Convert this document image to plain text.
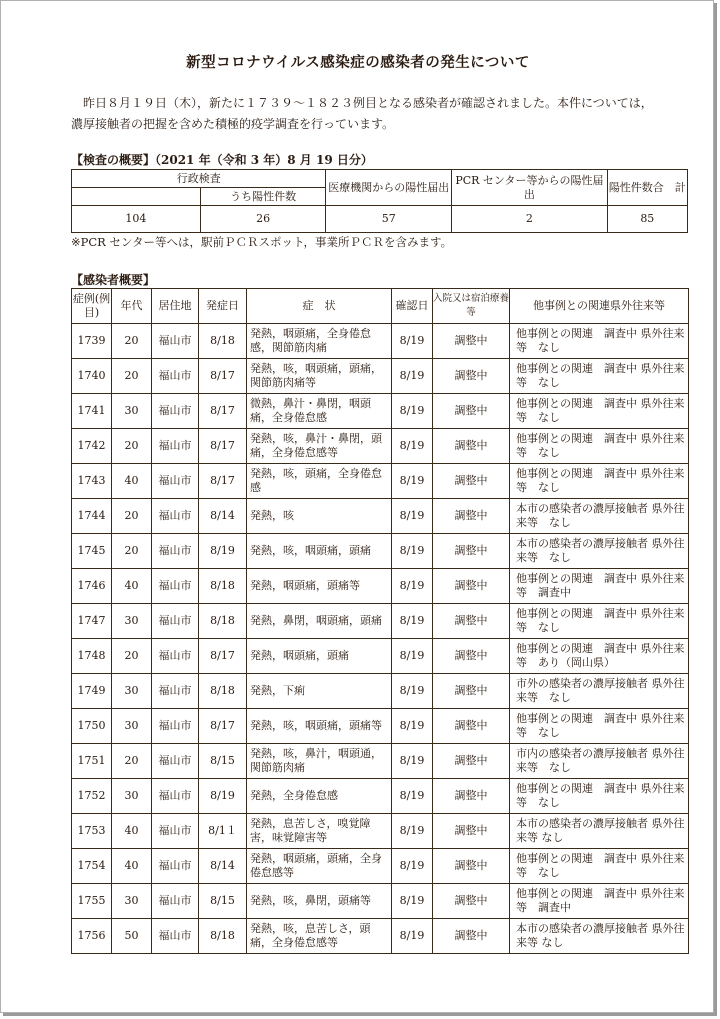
新型コロナウイルス感染症の感染者の発生について
昨日８月１９日（木），新たに１７３９～１８２３例目となる感染者が確認されました。本件については，濃厚接触者の把握を含めた積極的疫学調査を行っています。
【検査の概要】（2021 年（令和 3 年）8 月 19 日分）
行政検査		医療機関からの陽性届出	PCR センター等からの陽性届出	陽性件数合　計
	うち陽性件数			
104	26	57	2	85
※PCR センター等へは，駅前ＰＣＲスポット，事業所ＰＣＲを含みます。
【感染者概要】
症例(例目)	年代	居住地	発症日	症　状	確認日	入院又は宿泊療養等	他事例との関連県外往来等
1739	20	福山市	8/18	発熱，咽頭痛，全身倦怠感，関節筋肉痛	8/19	調整中	他事例との関連　調査中 県外往来等　なし
1740	20	福山市	8/17	発熱，咳，咽頭痛，頭痛，関節筋肉痛等	8/19	調整中	他事例との関連　調査中 県外往来等　なし
1741	30	福山市	8/17	微熱，鼻汁・鼻閉，咽頭痛，全身倦怠感	8/19	調整中	他事例との関連　調査中 県外往来等　なし
1742	20	福山市	8/17	発熱，咳，鼻汁・鼻閉，頭痛，全身倦怠感等	8/19	調整中	他事例との関連　調査中 県外往来等　なし
1743	40	福山市	8/17	発熱，咳，頭痛，全身倦怠感	8/19	調整中	他事例との関連　調査中 県外往来等　なし
1744	20	福山市	8/14	発熱，咳	8/19	調整中	本市の感染者の濃厚接触者 県外往来等　なし
1745	20	福山市	8/19	発熱，咳，咽頭痛，頭痛	8/19	調整中	本市の感染者の濃厚接触者 県外往来等　なし
1746	40	福山市	8/18	発熱，咽頭痛，頭痛等	8/19	調整中	他事例との関連　調査中 県外往来等　調査中
1747	30	福山市	8/18	発熱，鼻閉，咽頭痛，頭痛	8/19	調整中	他事例との関連　調査中 県外往来等　なし
1748	20	福山市	8/17	発熱，咽頭痛，頭痛	8/19	調整中	他事例との関連　調査中 県外往来等　あり（岡山県）
1749	30	福山市	8/18	発熱，下痢	8/19	調整中	市外の感染者の濃厚接触者 県外往来等　なし
1750	30	福山市	8/17	発熱，咳，咽頭痛，頭痛等	8/19	調整中	他事例との関連　調査中 県外往来等　なし
1751	20	福山市	8/15	発熱，咳，鼻汁，咽頭通，関節筋肉痛	8/19	調整中	市内の感染者の濃厚接触者 県外往来等　なし
1752	30	福山市	8/19	発熱，全身倦怠感	8/19	調整中	他事例との関連　調査中 県外往来等　なし
1753	40	福山市	8/1１	発熱，息苦しさ，嗅覚障害，味覚障害等	8/19	調整中	本市の感染者の濃厚接触者 県外往来等 なし
1754	40	福山市	8/14	発熱，咽頭痛，頭痛，全身倦怠感等	8/19	調整中	他事例との関連　調査中 県外往来等　なし
1755	30	福山市	8/15	発熱，咳，鼻閉，頭痛等	8/19	調整中	他事例との関連　調査中 県外往来等　調査中
1756	50	福山市	8/18	発熱，咳，息苦しさ，頭痛，全身倦怠感等	8/19	調整中	本市の感染者の濃厚接触者 県外往来等 なし
